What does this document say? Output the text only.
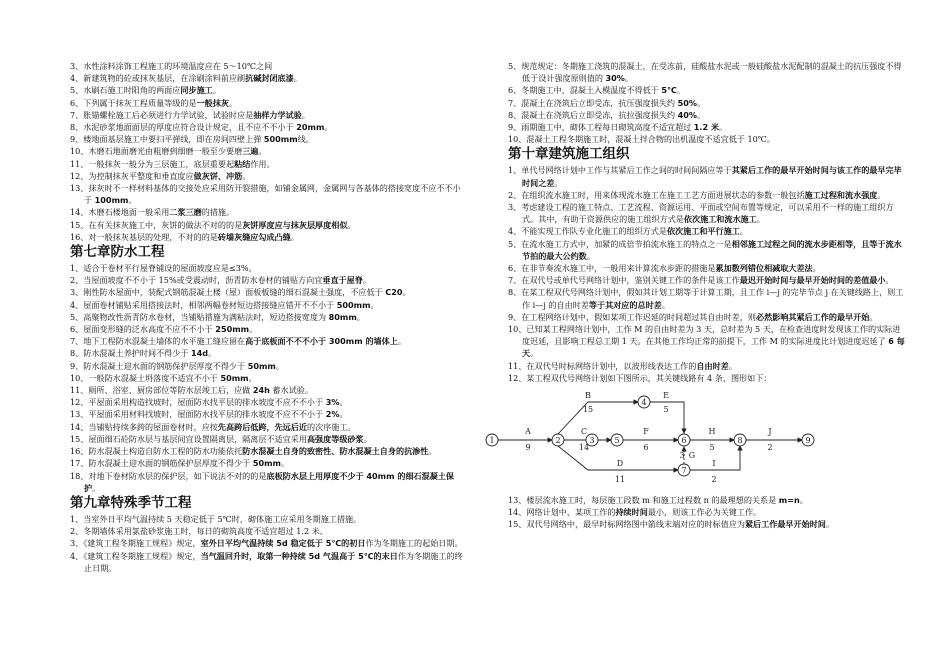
3、水性涂料涂饰工程施工的环境温度应在 5～10℃之间

4、新建筑物的砼或抹灰基层，在涂刷涂料前应刷抗碱封闭底漆。

5、水刷石施工时阳角的两面应同步施工。

6、下列属于抹灰工程质量等级的是一般抹灰。

7、胀锚螺栓施工后必须进行力学试验，试验时应是抽样力学试验。

8、水泥砂浆地面面层的厚度应符合设计规定，且不应不不小于 20mm。

9、楼地面基层施工中要扫平弹线，即在房间四壁上弹 500mm线。

10、木磨石地面磨光由粗磨到细磨一般至少要磨三遍。

11、一般抹灰一般分为三层施工，底层重要起粘结作用。

12、为控制抹灰平整度和垂直度应做灰饼、冲筋。

13、抹灰时不一样材料基体的交接处应采用防开裂措施，如铺金属网，金属网与各基体的搭接宽度不应不不小于 100mm。

14、木磨石楼地面一般采用二浆三磨的措施。

15、在有关抹灰施工中，灰饼的做法不对的的是灰饼厚度应与抹灰层厚度相似。

16、对一般抹灰基层的处理，不对的的是砖墙灰缝应勾成凸缝。

第七章防水工程

1、适合于卷材平行屋脊铺设的屋面坡度应是≤3%。

2、当屋面坡度不不小于 15%或受震动时，沥青防水卷材的铺贴方向宜垂直于屋脊。

3、刚性防水屋面中，装配式钢筋混凝土楼（屋）面板板缝的细石混凝土强度，不应低于 C20。

4、屋面卷材铺贴采用搭接法时，相邻两幅卷材短边搭接缝应错开不不小于 500mm。

5、高聚物改性沥青防水卷材，当铺贴措施为满粘法时，短边搭接宽度为 80mm。

6、屋面变形缝的泛水高度不应不不小于 250mm。

7、地下工程防水混凝土墙体的水平施工缝应留在高于底板面不不不小于 300mm 的墙体上。

8、防水混凝土养护时间不得少于 14d。

9、防水混凝土迎水面的钢筋保护层厚度不得少于 50mm。

10、一般防水混凝土坍落度不适宜不小于 50mm。

11、厕所、浴室、厨房部位等防水层竣工后，应做 24h 蓄水试验。

12、平屋面采用构造找坡时，屋面防水找平层的排水坡度不应不不小于 3%。

13、平屋面采用材料找坡时，屋面防水找平层的排水坡度不应不不小于 2%。

14、当铺贴持续多跨的屋面卷材时，应按先高跨后低跨，先远后近的次序施工。

15、屋面细石砼防水层与基层间宜设置隔离层，隔离层不适宜采用高强度等级砂浆。

16、防水混凝土构造自防水工程的防水功能依托防水混凝土自身的致密性、防水混凝土自身的抗渗性。

17、防水混凝土迎水面的钢筋保护层厚度不得少于 50mm。

18、对地下卷材防水层的保护层，如下说法不对的的是底板防水层上用厚度不少于 40mm 的细石混凝土保护。

第九章特殊季节工程

1、当室外日平均气温持续 5 天稳定低于 5℃时，砌体施工应采用冬期施工措施。

2、冬期墙体采用氯盐砂浆施工时，每日的砌筑高度不适宜超过 1.2 米。

3、《建筑工程冬期施工规程》规定，室外日平均气温持续 5d 稳定低于 5℃的初日作为冬期施工的起始日期。

4、《建筑工程冬期施工规程》规定，当气温回升时，取第一种持续 5d 气温高于 5℃的末日作为冬期施工的终止日期。

5、规范规定：冬期施工浇筑的混凝土，在受冻前，硅酸盐水泥或一般硅酸盐水泥配制的混凝土的抗压强度不得低于设计强度原则值的 30%。

6、冬期施工中，混凝土入模温度不得低于 5℃。

7、混凝土在浇筑后立即受冻，抗压强度损失约 50%。

8、混凝土在浇筑后立即受冻，抗拉强度损失约 40%。

9、雨期施工中，砌体工程每日砌筑高度不适宜超过 1.2 米。

10、混凝土工程冬期施工时，混凝土拌合物的出机温度不适宜低于 10℃。

第十章建筑施工组织

1、单代号网络计划中工作与其紧后工作之间的时间间隔应等于其紧后工作的最早开始时间与该工作的最早完毕时间之差。

2、在组织流水施工时，用来体现流水施工在施工工艺方面进展状态的参数一般包括施工过程和流水强度。

3、考虑建设工程的施工特点、工艺流程、资源运用、平面或空间布置等规定，可以采用不一样的施工组织方式。其中，有助于资源供应的施工组织方式是依次施工和流水施工。

4、不能实现工作队专业化施工的组织方式是依次施工和平行施工。

5、在流水施工方式中，加紧的成倍节拍流水施工的特点之一是相邻施工过程之间的流水步距相等，且等于流水节拍的最大公约数。

6、在非节奏流水施工中，一般用来计算流水步距的措施是累加数列错位相减取大差法。

7、在双代号或单代号网络计划中，鉴别关键工作的条件是该工作最迟开始时间与最早开始时间的差值最小。

8、在某工程双代号网络计划中，假如其计划工期等于计算工期，且工作 i—j 的完毕节点 j 在关键线路上，则工作 i—j 的自由时差等于其对应的总时差。

9、在工程网络计划中，假如某项工作迟延的时间超过其自由时差，则必然影响其紧后工作的最早开始。

10、已知某工程网络计划中，工作 M 的自由时差为 3 天，总时差为 5 天，在检查进度时发现该工作的实际进度迟延，且影响工程总工期 1 天。在其他工作均正常的前提下，工作 M 的实际进度比计划进度迟延了 6 每天。

11、在双代号时标网络计划中，以波形线表达工作的自由时差。

12、某工程双代号网络计划如下图所示，其关键线路有 4 条，图形如下：

1	2	3
4
5	6
7
8	9
A
9
B
15
C
14
E
5
F
6
G
3
D
11
H
5
I
2
J
2

13、楼层流水施工时，每层施工段数 m 和施工过程数 n 的最理想的关系是 m=n。

14、网络计划中，某项工作的持续时间最小，则该工作必为关键工作。

15、双代号网络中，最早时标网络图中箭线末端对应的时标值应为紧后工作最早开始时间。
